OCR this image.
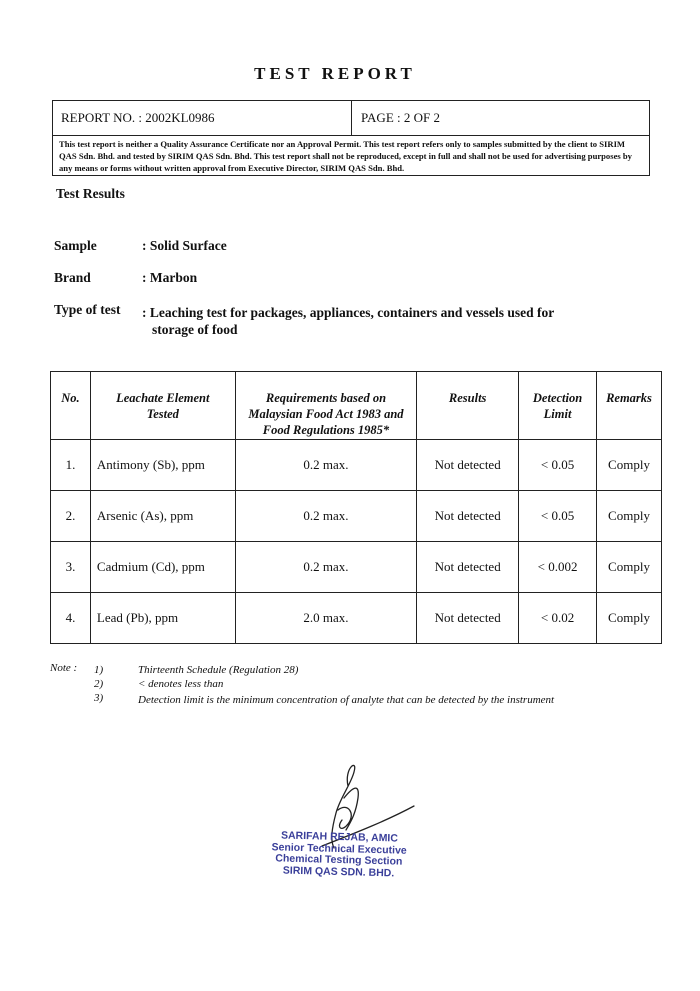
TEST REPORT
REPORT NO. : 2002KL0986	PAGE : 2 OF 2
This test report is neither a Quality Assurance Certificate nor an Approval Permit. This test report refers only to samples submitted by the client to SIRIM QAS Sdn. Bhd. and tested by SIRIM QAS Sdn. Bhd. This test report shall not be reproduced, except in full and shall not be used for advertising purposes by any means or forms without written approval from Executive Director, SIRIM QAS Sdn. Bhd.
Test Results
Sample	: Solid Surface
Brand	: Marbon
Type of test : Leaching test for packages, appliances, containers and vessels used for
storage of food
No.	Leachate Element Tested	Requirements based on Malaysian Food Act 1983 and Food Regulations 1985*	Results	Detection Limit	Remarks
1.	Antimony (Sb), ppm	0.2 max.	Not detected	< 0.05	Comply
2.	Arsenic (As), ppm	0.2 max.	Not detected	< 0.05	Comply
3.	Cadmium (Cd), ppm	0.2 max.	Not detected	< 0.002	Comply
4.	Lead (Pb), ppm	2.0 max.	Not detected	< 0.02	Comply
Note : 1)	Thirteenth Schedule (Regulation 28)
2)	< denotes less than
3)	Detection limit is the minimum concentration of analyte that can be detected by the instrument
SARIFAH REJAB, AMIC
Senior Technical Executive
Chemical Testing Section
SIRIM QAS SDN. BHD.
